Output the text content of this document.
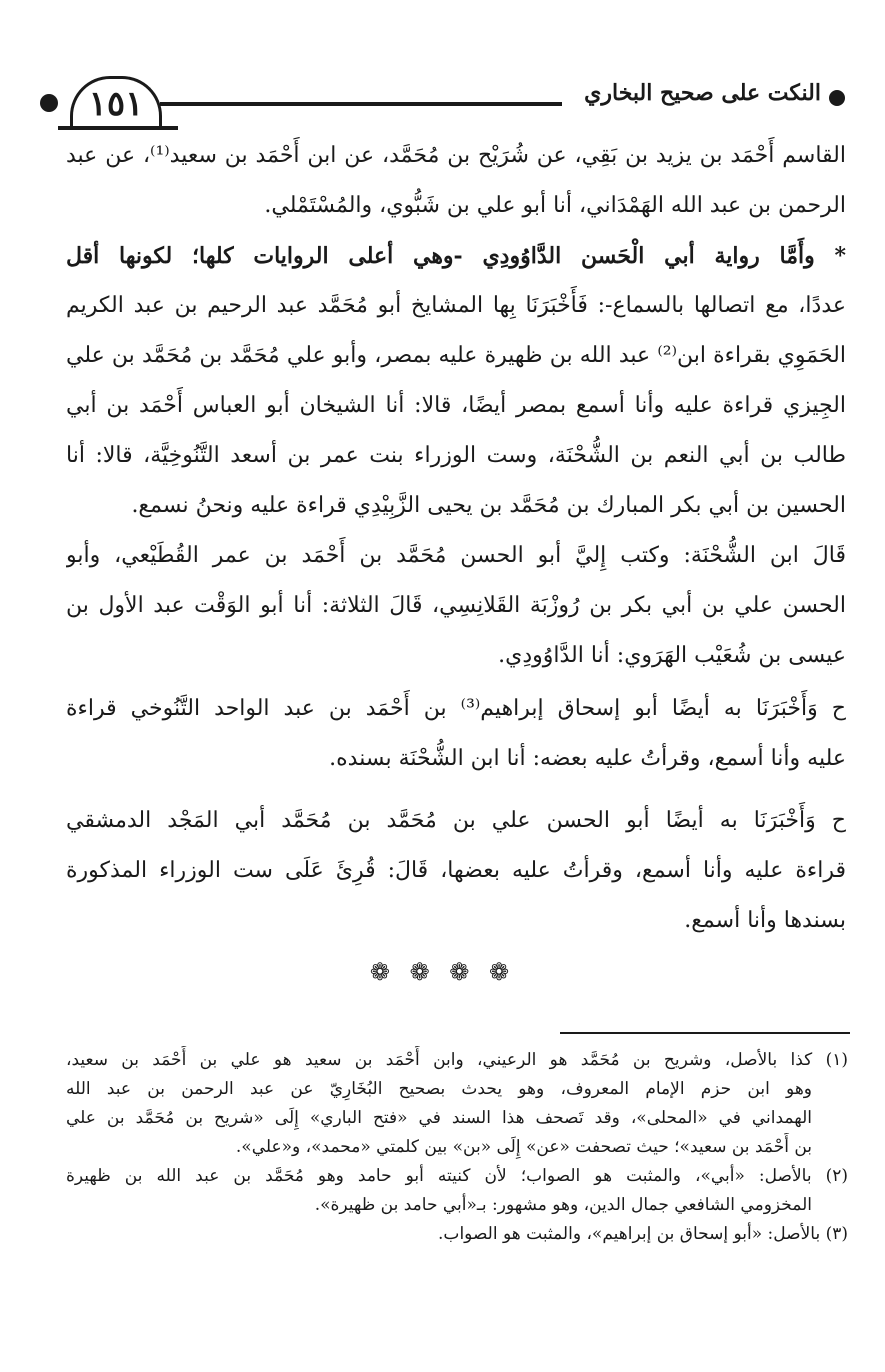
١٥١	النكت على صحيح البخاري
القاسم أَحْمَد بن يزيد بن بَقِي، عن شُرَيْح بن مُحَمَّد، عن ابن أَحْمَد بن سعيد⁽¹⁾، عن عبد
الرحمن بن عبد الله الهَمْدَاني، أنا أبو علي بن شَبُّوي، والمُسْتَمْلي.
* وأَمَّا رواية أبي الْحَسن الدَّاوُودِي -وهي أعلى الروايات كلها؛ لكونها أقل
عددًا، مع اتصالها بالسماع-: فَأَخْبَرَنَا بِها المشايخ أبو مُحَمَّد عبد الرحيم بن عبد الكريم
الحَمَوِي بقراءة ابن⁽²⁾ عبد الله بن ظهيرة عليه بمصر، وأبو علي مُحَمَّد بن مُحَمَّد بن علي
الجِيزي قراءة عليه وأنا أسمع بمصر أيضًا، قالا: أنا الشيخان أبو العباس أَحْمَد بن أبي
طالب بن أبي النعم بن الشُّحْنَة، وست الوزراء بنت عمر بن أسعد التَّنُوخِيَّة، قالا: أنا
الحسين بن أبي بكر المبارك بن مُحَمَّد بن يحيى الزَّبِيْدِي قراءة عليه ونحنُ نسمع.
قَالَ ابن الشُّحْنَة: وكتب إِليَّ أبو الحسن مُحَمَّد بن أَحْمَد بن عمر القُطَيْعي، وأبو
الحسن علي بن أبي بكر بن رُوزْبَة القَلانِسِي، قَالَ الثلاثة: أنا أبو الوَقْت عبد الأول بن
عيسى بن شُعَيْب الهَرَوي: أنا الدَّاوُودِي.
ح وَأَخْبَرَنَا به أيضًا أبو إسحاق إبراهيم⁽³⁾ بن أَحْمَد بن عبد الواحد التَّنُوخي قراءة
عليه وأنا أسمع، وقرأتُ عليه بعضه: أنا ابن الشُّحْنَة بسنده.
ح وَأَخْبَرَنَا به أيضًا أبو الحسن علي بن مُحَمَّد بن مُحَمَّد أبي المَجْد الدمشقي
قراءة عليه وأنا أسمع، وقرأتُ عليه بعضها، قَالَ: قُرِئَ عَلَى ست الوزراء المذكورة
بسندها وأنا أسمع.
❁ ❁ ❁ ❁
(١) كذا بالأصل، وشريح بن مُحَمَّد هو الرعيني، وابن أَحْمَد بن سعيد هو علي بن أَحْمَد بن سعيد،
وهو ابن حزم الإمام المعروف، وهو يحدث بصحيح البُخَارِيّ عن عبد الرحمن بن عبد الله
الهمداني في «المحلى»، وقد تَصحف هذا السند في «فتح الباري» إِلَى «شريح بن مُحَمَّد بن علي
بن أَحْمَد بن سعيد»؛ حيث تصحفت «عن» إِلَى «بن» بين كلمتي «محمد»، و«علي».
(٢) بالأصل: «أبي»، والمثبت هو الصواب؛ لأن كنيته أبو حامد وهو مُحَمَّد بن عبد الله بن ظهيرة
المخزومي الشافعي جمال الدين، وهو مشهور: بـ«أبي حامد بن ظهيرة».
(٣) بالأصل: «أبو إسحاق بن إبراهيم»، والمثبت هو الصواب.
